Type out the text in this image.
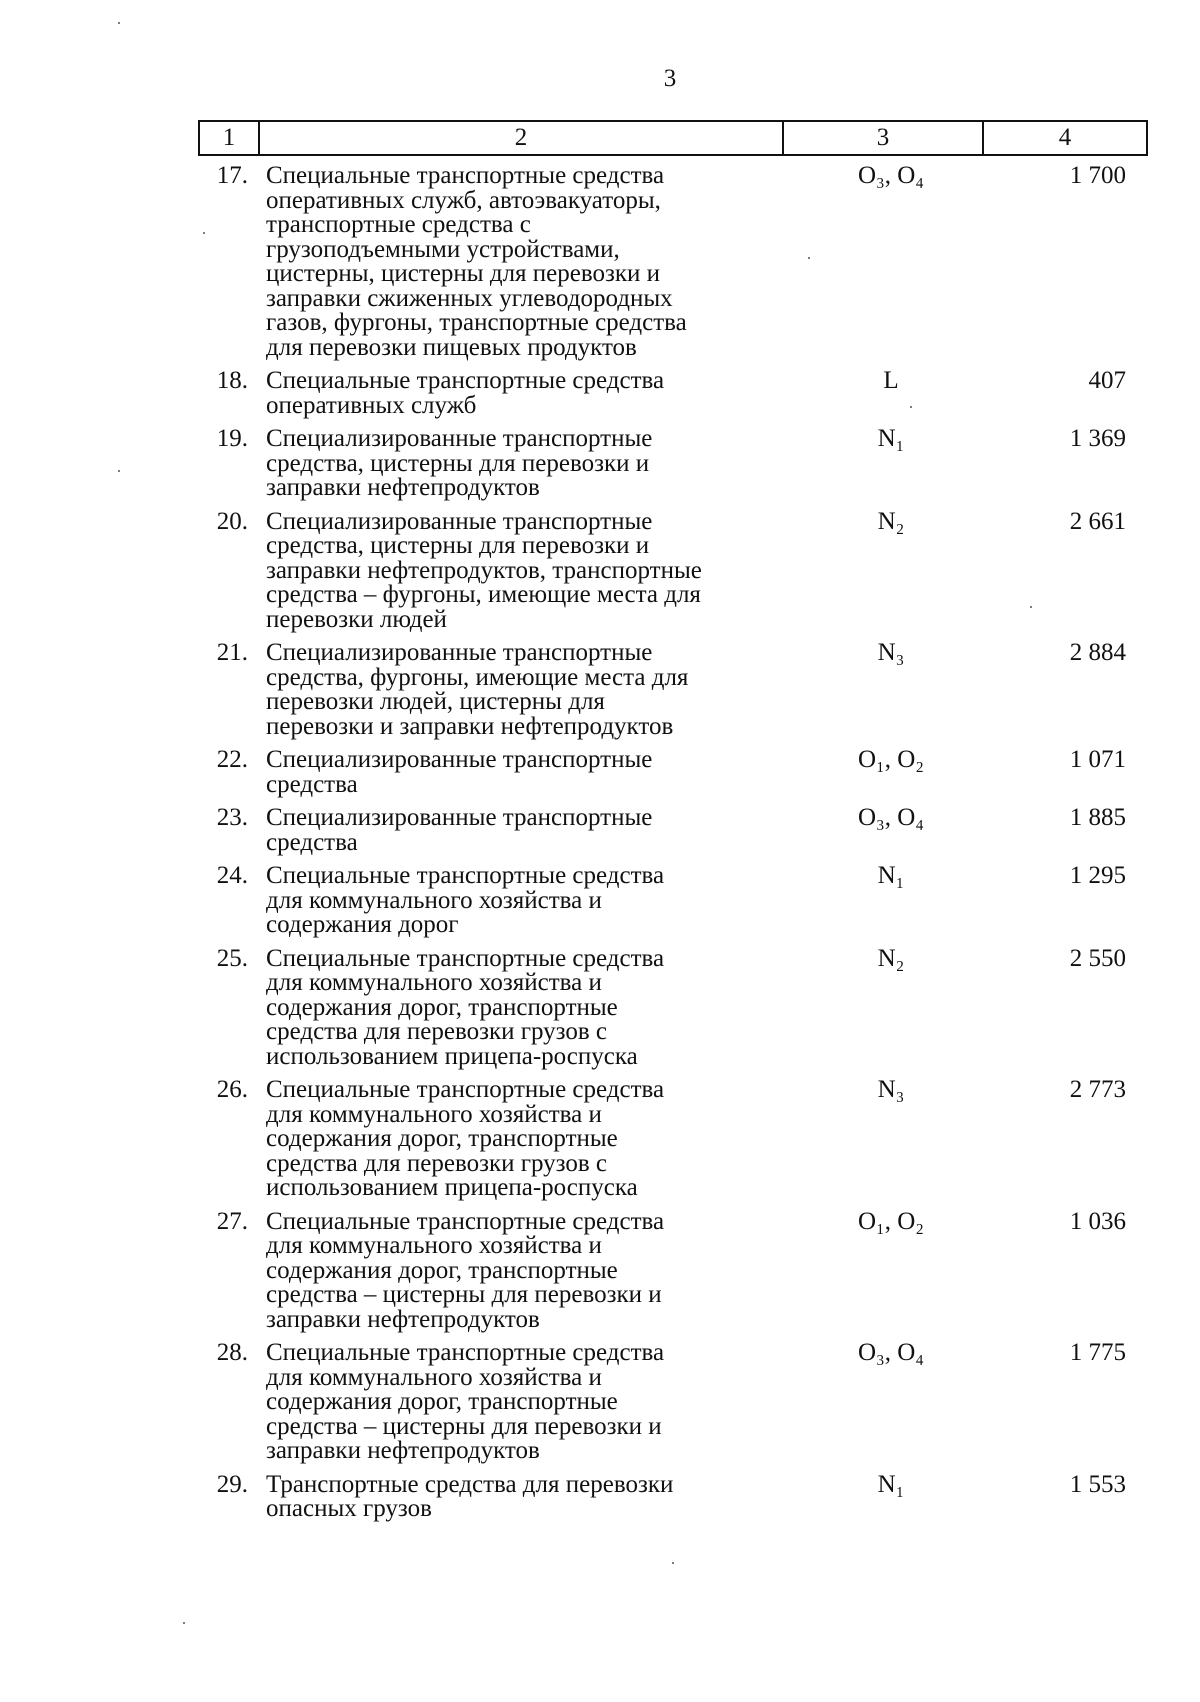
3
1	2	3	4
17. Специальные транспортные средства
оперативных служб, автоэвакуаторы,
транспортные средства с
грузоподъемными устройствами,
цистерны, цистерны для перевозки и
заправки сжиженных углеводородных
газов, фургоны, транспортные средства
для перевозки пищевых продуктов
O₃, O₄	1 700
18. Специальные транспортные средства
оперативных служб
L	407
19. Специализированные транспортные
средства, цистерны для перевозки и
заправки нефтепродуктов
N₁	1 369
20. Специализированные транспортные
средства, цистерны для перевозки и
заправки нефтепродуктов, транспортные
средства – фургоны, имеющие места для
перевозки людей
N₂	2 661
21. Специализированные транспортные
средства, фургоны, имеющие места для
перевозки людей, цистерны для
перевозки и заправки нефтепродуктов
N₃	2 884
22. Специализированные транспортные
средства
O₁, O₂	1 071
23. Специализированные транспортные
средства
O₃, O₄	1 885
24. Специальные транспортные средства
для коммунального хозяйства и
содержания дорог
N₁	1 295
25. Специальные транспортные средства
для коммунального хозяйства и
содержания дорог, транспортные
средства для перевозки грузов с
использованием прицепа-роспуска
N₂	2 550
26. Специальные транспортные средства
для коммунального хозяйства и
содержания дорог, транспортные
средства для перевозки грузов с
использованием прицепа-роспуска
N₃	2 773
27. Специальные транспортные средства
для коммунального хозяйства и
содержания дорог, транспортные
средства – цистерны для перевозки и
заправки нефтепродуктов
O₁, O₂	1 036
28. Специальные транспортные средства
для коммунального хозяйства и
содержания дорог, транспортные
средства – цистерны для перевозки и
заправки нефтепродуктов
O₃, O₄	1 775
29. Транспортные средства для перевозки
опасных грузов
N₁	1 553
